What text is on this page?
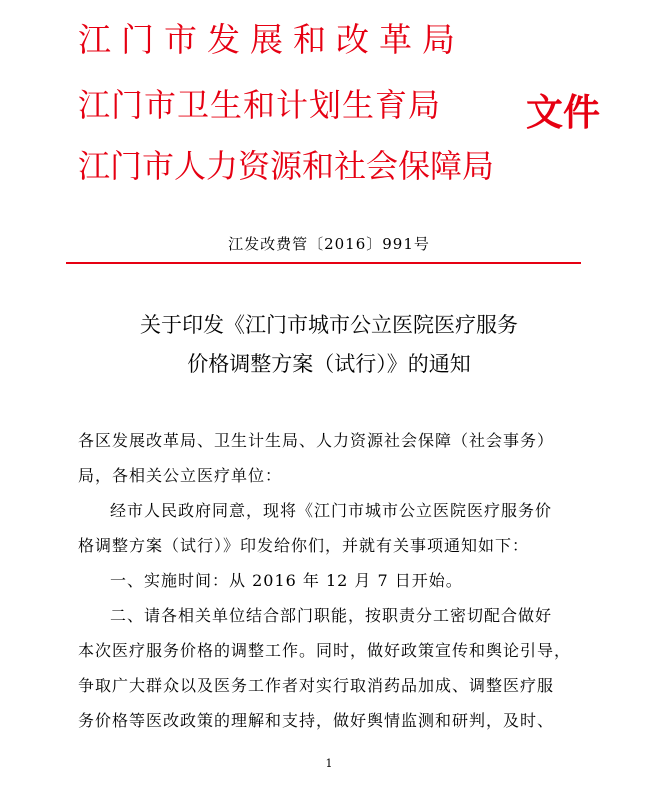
江门市发展和改革局
江门市卫生和计划生育局
江门市人力资源和社会保障局
文件
江发改费管〔2016〕991号
关于印发《江门市城市公立医院医疗服务
价格调整方案（试行）》的通知
各区发展改革局、卫生计生局、人力资源社会保障（社会事务）
局，各相关公立医疗单位：
经市人民政府同意，现将《江门市城市公立医院医疗服务价
格调整方案（试行）》印发给你们，并就有关事项通知如下：
一、实施时间：从 2016 年 12 月 7 日开始。
二、请各相关单位结合部门职能，按职责分工密切配合做好
本次医疗服务价格的调整工作。同时，做好政策宣传和舆论引导，
争取广大群众以及医务工作者对实行取消药品加成、调整医疗服
务价格等医改政策的理解和支持，做好舆情监测和研判，及时、
1
